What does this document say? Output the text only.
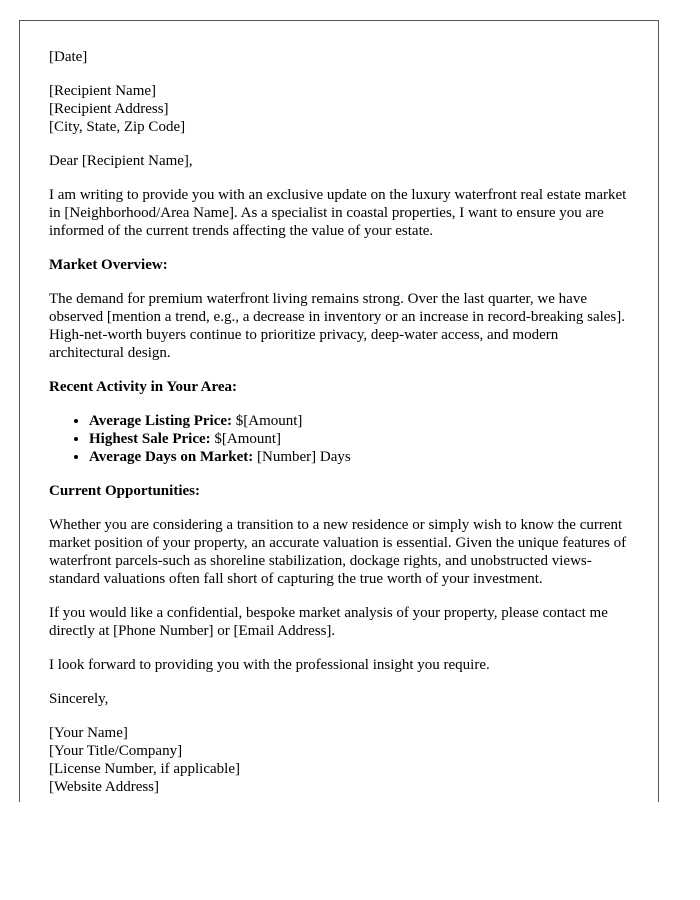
[Date]

[Recipient Name]
[Recipient Address]
[City, State, Zip Code]

Dear [Recipient Name],

I am writing to provide you with an exclusive update on the luxury waterfront real estate market in [Neighborhood/Area Name]. As a specialist in coastal properties, I want to ensure you are informed of the current trends affecting the value of your estate.

Market Overview:

The demand for premium waterfront living remains strong. Over the last quarter, we have observed [mention a trend, e.g., a decrease in inventory or an increase in record-breaking sales]. High-net-worth buyers continue to prioritize privacy, deep-water access, and modern architectural design.

Recent Activity in Your Area:

• Average Listing Price: $[Amount]
• Highest Sale Price: $[Amount]
• Average Days on Market: [Number] Days

Current Opportunities:

Whether you are considering a transition to a new residence or simply wish to know the current market position of your property, an accurate valuation is essential. Given the unique features of waterfront parcels-such as shoreline stabilization, dockage rights, and unobstructed views-standard valuations often fall short of capturing the true worth of your investment.

If you would like a confidential, bespoke market analysis of your property, please contact me directly at [Phone Number] or [Email Address].

I look forward to providing you with the professional insight you require.

Sincerely,

[Your Name]
[Your Title/Company]
[License Number, if applicable]
[Website Address]
